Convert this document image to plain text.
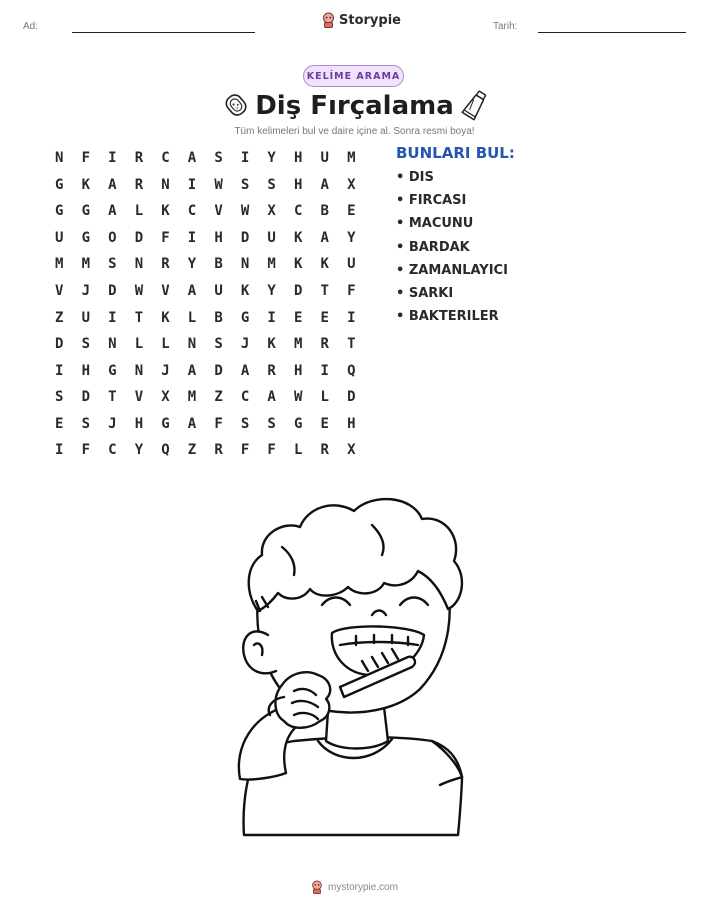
Ad:	Storypie	Tarih:
KELİME ARAMA
Diş Fırçalama
Tüm kelimeleri bul ve daire içine al. Sonra resmi boya!
N	F	I	R	C	A	S	I	Y	H	U	M
G	K	A	R	N	I	W	S	S	H	A	X
G	G	A	L	K	C	V	W	X	C	B	E
U	G	O	D	F	I	H	D	U	K	A	Y
M	M	S	N	R	Y	B	N	M	K	K	U
V	J	D	W	V	A	U	K	Y	D	T	F
Z	U	I	T	K	L	B	G	I	E	E	I
D	S	N	L	L	N	S	J	K	M	R	T
I	H	G	N	J	A	D	A	R	H	I	Q
S	D	T	V	X	M	Z	C	A	W	L	D
E	S	J	H	G	A	F	S	S	G	E	H
I	F	C	Y	Q	Z	R	F	F	L	R	X
BUNLARI BUL:
• DIS
• FIRCASI
• MACUNU
• BARDAK
• ZAMANLAYICI
• SARKI
• BAKTERILER
mystorypie.com
